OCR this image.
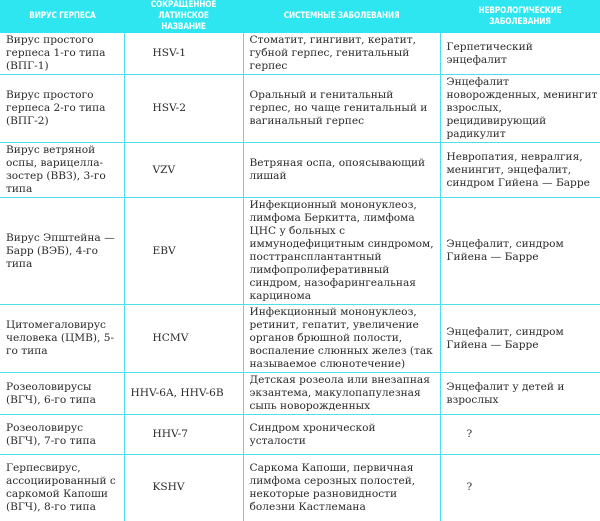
ВИРУС ГЕРПЕСА	СОКРАЩЕННОЕ ЛАТИНСКОЕ НАЗВАНИЕ	СИСТЕМНЫЕ ЗАБОЛЕВАНИЯ	НЕВРОЛОГИЧЕСКИЕ ЗАБОЛЕВАНИЯ
Вирус простого герпеса 1-го типа (ВПГ-1)	HSV-1	Стоматит, гингивит, кератит, губной герпес, генитальный герпес	Герпетический энцефалит
Вирус простого герпеса 2-го типа (ВПГ-2)	HSV-2	Оральный и генитальный герпес, но чаще генитальный и вагинальный герпес	Энцефалит новорожденных, менингит взрослых, рецидивирующий радикулит
Вирус ветряной оспы, варицелла-зостер (ВВЗ), 3-го типа	VZV	Ветряная оспа, опоясывающий лишай	Невропатия, невралгия, менингит, энцефалит, синдром Гийена — Барре
Вирус Эпштейна — Барр (ВЭБ), 4-го типа	EBV	Инфекционный мононуклеоз, лимфома Беркитта, лимфома ЦНС у больных с иммунодефицитным синдромом, посттрансплантантный лимфопролиферативный синдром, назофарингеальная карцинома	Энцефалит, синдром Гийена — Барре
Цитомегаловирус человека (ЦМВ), 5-го типа	HCMV	Инфекционный мононуклеоз, ретинит, гепатит, увеличение органов брюшной полости, воспаление слюнных желез (так называемое слюнотечение)	Энцефалит, синдром Гийена — Барре
Розеоловирусы (ВГЧ), 6-го типа	HHV-6A, HHV-6B	Детская розеола или внезапная экзантема, макулопапулезная сыпь новорожденных	Энцефалит у детей и взрослых
Розеоловирус (ВГЧ), 7-го типа	HHV-7	Синдром хронической усталости	?
Герпесвирус, ассоциированный с саркомой Капоши (ВГЧ), 8-го типа	KSHV	Саркома Капоши, первичная лимфома серозных полостей, некоторые разновидности болезни Кастлемана	?
